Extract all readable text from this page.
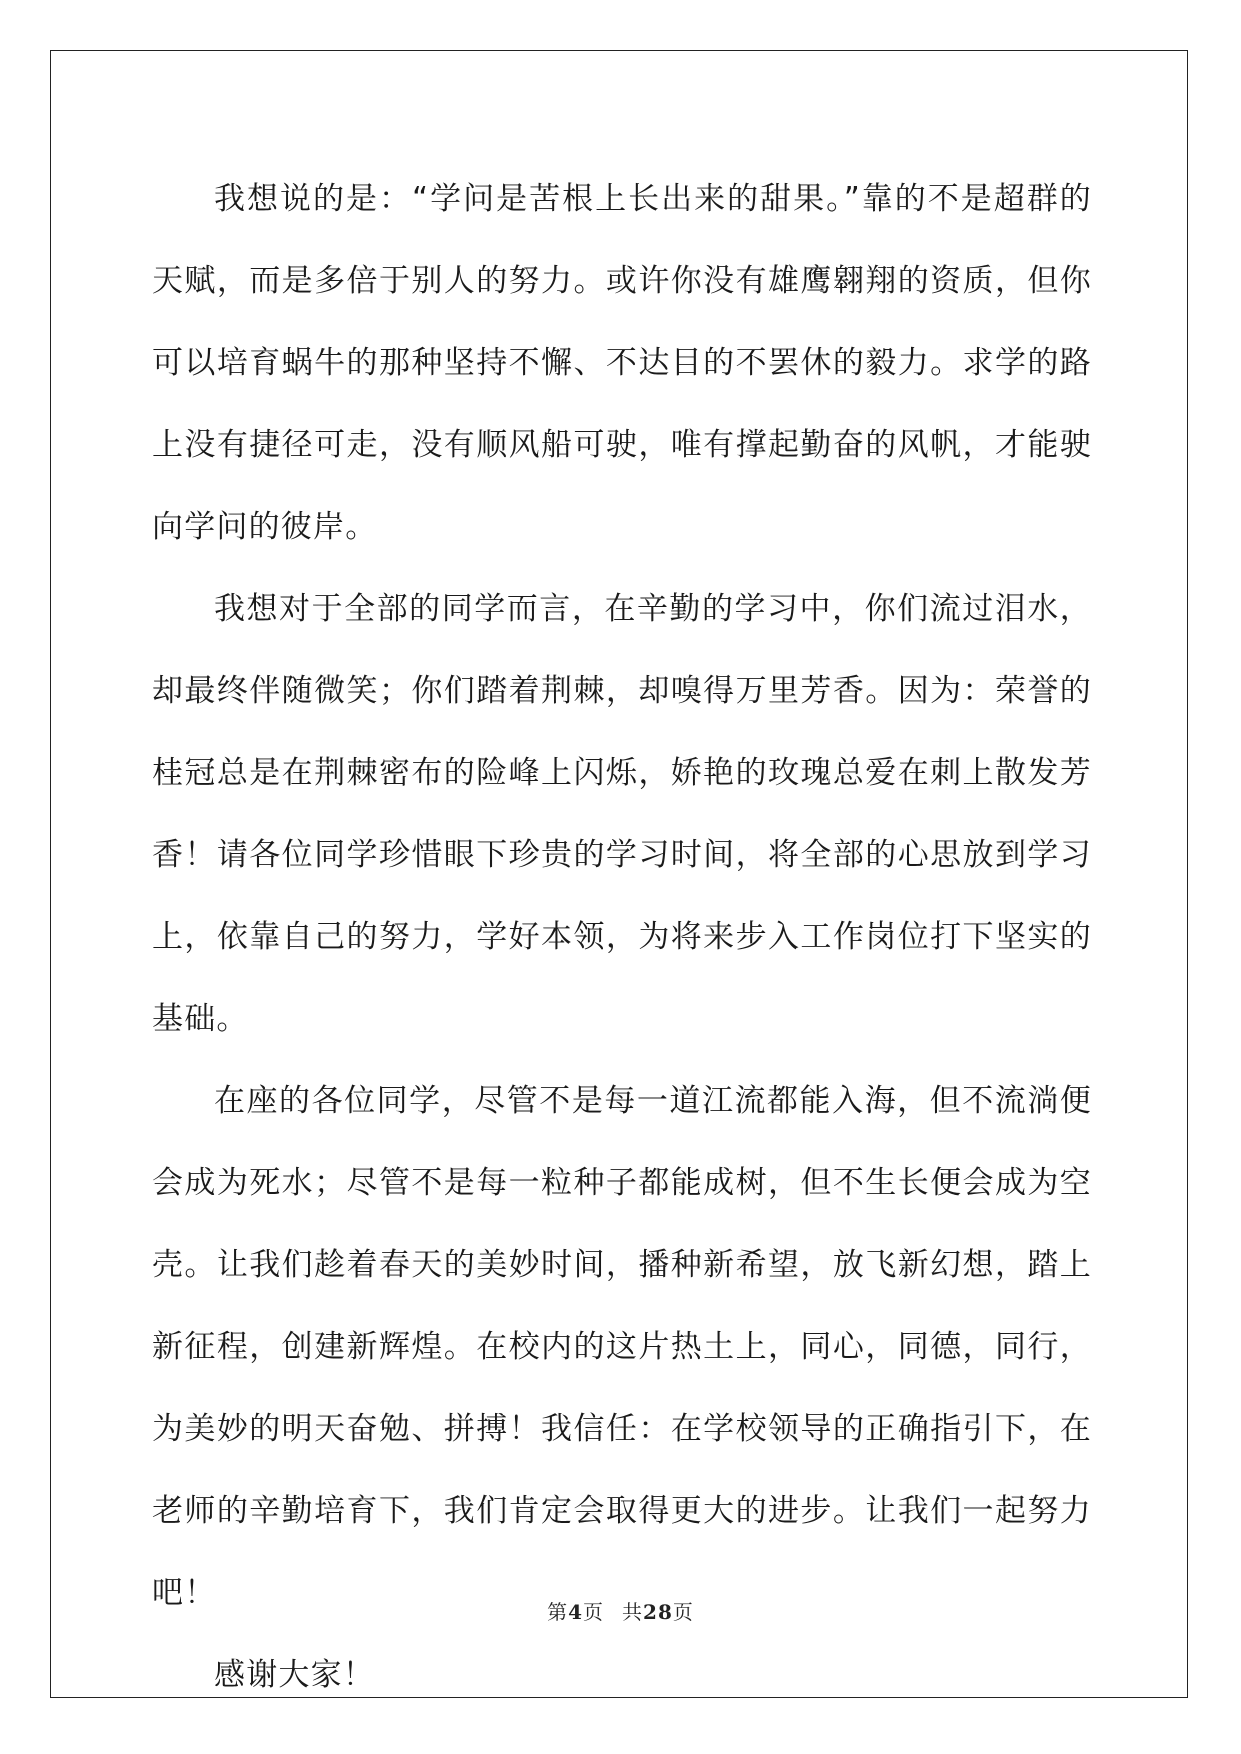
我想说的是：“学问是苦根上长出来的甜果。”靠的不是超群的天赋，而是多倍于别人的努力。或许你没有雄鹰翱翔的资质，但你可以培育蜗牛的那种坚持不懈、不达目的不罢休的毅力。求学的路上没有捷径可走，没有顺风船可驶，唯有撑起勤奋的风帆，才能驶向学问的彼岸。

我想对于全部的同学而言，在辛勤的学习中，你们流过泪水，却最终伴随微笑；你们踏着荆棘，却嗅得万里芳香。因为：荣誉的桂冠总是在荆棘密布的险峰上闪烁，娇艳的玫瑰总爱在刺上散发芳香！请各位同学珍惜眼下珍贵的学习时间，将全部的心思放到学习上，依靠自己的努力，学好本领，为将来步入工作岗位打下坚实的基础。

在座的各位同学，尽管不是每一道江流都能入海，但不流淌便会成为死水；尽管不是每一粒种子都能成树，但不生长便会成为空壳。让我们趁着春天的美妙时间，播种新希望，放飞新幻想，踏上新征程，创建新辉煌。在校内的这片热土上，同心，同德，同行，为美妙的明天奋勉、拼搏！我信任：在学校领导的正确指引下，在老师的辛勤培育下，我们肯定会取得更大的进步。让我们一起努力吧！

感谢大家！

第4页 共28页
